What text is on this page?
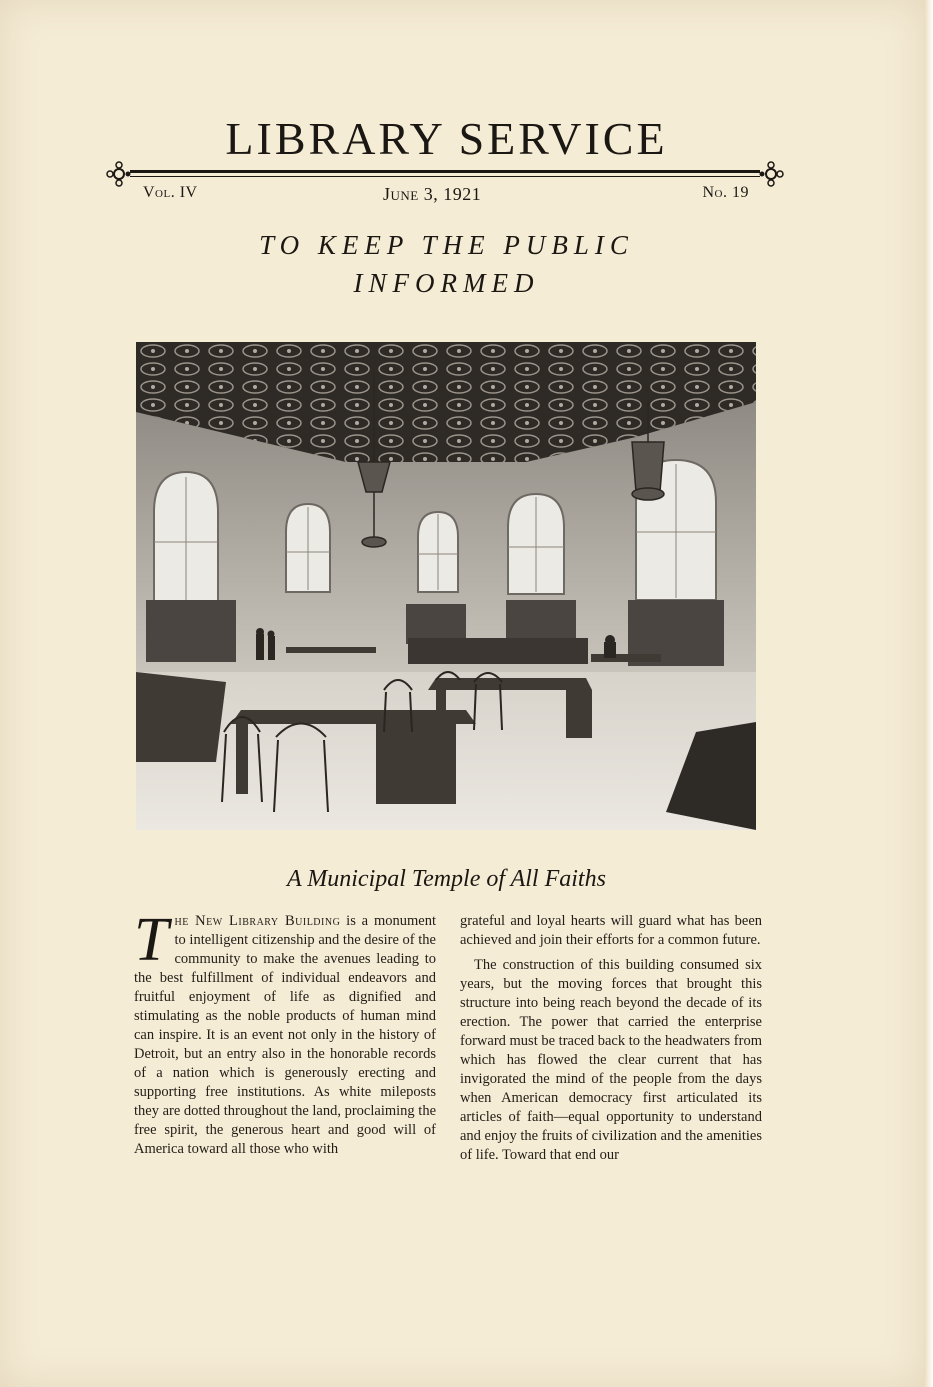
LIBRARY SERVICE
Vol. IV	June 3, 1921	No. 19
TO KEEP THE PUBLIC
INFORMED
A Municipal Temple of All Faiths

The New Library Building is a monument to intelligent citizenship and the desire of the community to make the avenues leading to the best fulfillment of individual endeavors and fruitful enjoyment of life as dignified and stimulating as the noble products of human mind can inspire. It is an event not only in the history of Detroit, but an entry also in the honorable records of a nation which is generously erecting and supporting free institutions. As white mileposts they are dotted throughout the land, proclaiming the free spirit, the generous heart and good will of America toward all those who with

grateful and loyal hearts will guard what has been achieved and join their efforts for a common future.

The construction of this building consumed six years, but the moving forces that brought this structure into being reach beyond the decade of its erection. The power that carried the enterprise forward must be traced back to the headwaters from which has flowed the clear current that has invigorated the mind of the people from the days when American democracy first articulated its articles of faith—equal opportunity to understand and enjoy the fruits of civilization and the amenities of life. Toward that end our
